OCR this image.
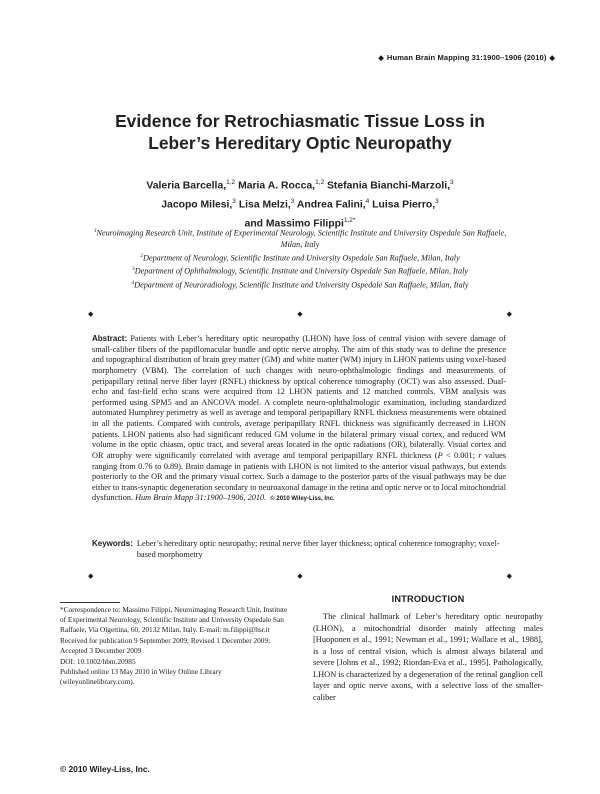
◆ Human Brain Mapping 31:1900–1906 (2010) ◆
Evidence for Retrochiasmatic Tissue Loss in
Leber’s Hereditary Optic Neuropathy
Valeria Barcella,$^{1,2}$ Maria A. Rocca,$^{1,2}$ Stefania Bianchi-Marzoli,$^3$
Jacopo Milesi,$^3$ Lisa Melzi,$^3$ Andrea Falini,$^4$ Luisa Pierro,$^3$
and Massimo Filippi$^{1,2*}$
$^1$Neuroimaging Research Unit, Institute of Experimental Neurology, Scientific Institute and University Ospedale San Raffaele, Milan, Italy
$^2$Department of Neurology, Scientific Institute and University Ospedale San Raffaele, Milan, Italy
$^3$Department of Ophthalmology, Scientific Institute and University Ospedale San Raffaele, Milan, Italy
$^4$Department of Neuroradiology, Scientific Institute and University Ospedale San Raffaele, Milan, Italy
◆	◆	◆
Abstract: Patients with Leber’s hereditary optic neuropathy (LHON) have loss of central vision with severe damage of small-caliber fibers of the papillomacular bundle and optic nerve atrophy. The aim of this study was to define the presence and topographical distribution of brain grey matter (GM) and white matter (WM) injury in LHON patients using voxel-based morphometry (VBM). The correlation of such changes with neuro-ophthalmologic findings and measurements of peripapillary retinal nerve fiber layer (RNFL) thickness by optical coherence tomography (OCT) was also assessed. Dual-echo and fast-field echo scans were acquired from 12 LHON patients and 12 matched controls. VBM analysis was performed using SPM5 and an ANCOVA model. A complete neuro-ophthalmologic examination, including standardized automated Humphrey perimetry as well as average and temporal peripapillary RNFL thickness measurements were obtained in all the patients. Compared with controls, average peripapillary RNFL thickness was significantly decreased in LHON patients. LHON patients also had significant reduced GM volume in the bilateral primary visual cortex, and reduced WM volume in the optic chiasm, optic tract, and several areas located in the optic radiations (OR), bilaterally. Visual cortex and OR atrophy were significantly correlated with average and temporal peripapillary RNFL thickness (P < 0.001; r values ranging from 0.76 to 0.89). Brain damage in patients with LHON is not limited to the anterior visual pathways, but extends posteriorly to the OR and the primary visual cortex. Such a damage to the posterior parts of the visual pathways may be due either to trans-synaptic degeneration secondary to neuroaxonal damage in the retina and optic nerve or to local mitochondrial dysfunction. Hum Brain Mapp 31:1900–1906, 2010. © 2010 Wiley-Liss, Inc.
Keywords: Leber’s hereditary optic neuropathy; retinal nerve fiber layer thickness; optical coherence tomography; voxel-based morphometry
◆	◆	◆

*Correspondence to: Massimo Filippi, Neuroimaging Research Unit, Institute of Experimental Neurology, Scientific Institute and University Ospedale San Raffaele, Via Olgettina, 60, 20132 Milan, Italy. E-mail: m.filippi@hsr.it

Received for publication 9 September 2009; Revised 1 December 2009; Accepted 3 December 2009

DOI: 10.1002/hbm.20985

Published online 13 May 2010 in Wiley Online Library (wileyonlinelibrary.com).

© 2010 Wiley-Liss, Inc.
INTRODUCTION
The clinical hallmark of Leber’s hereditary optic neuropathy (LHON), a mitochondrial disorder mainly affecting males [Huoponen et al., 1991; Newman et al., 1991; Wallace et al., 1988], is a loss of central vision, which is almost always bilateral and severe [Johns et al., 1992; Riordan-Eva et al., 1995]. Pathologically, LHON is characterized by a degeneration of the retinal ganglion cell layer and optic nerve axons, with a selective loss of the smaller-caliber
